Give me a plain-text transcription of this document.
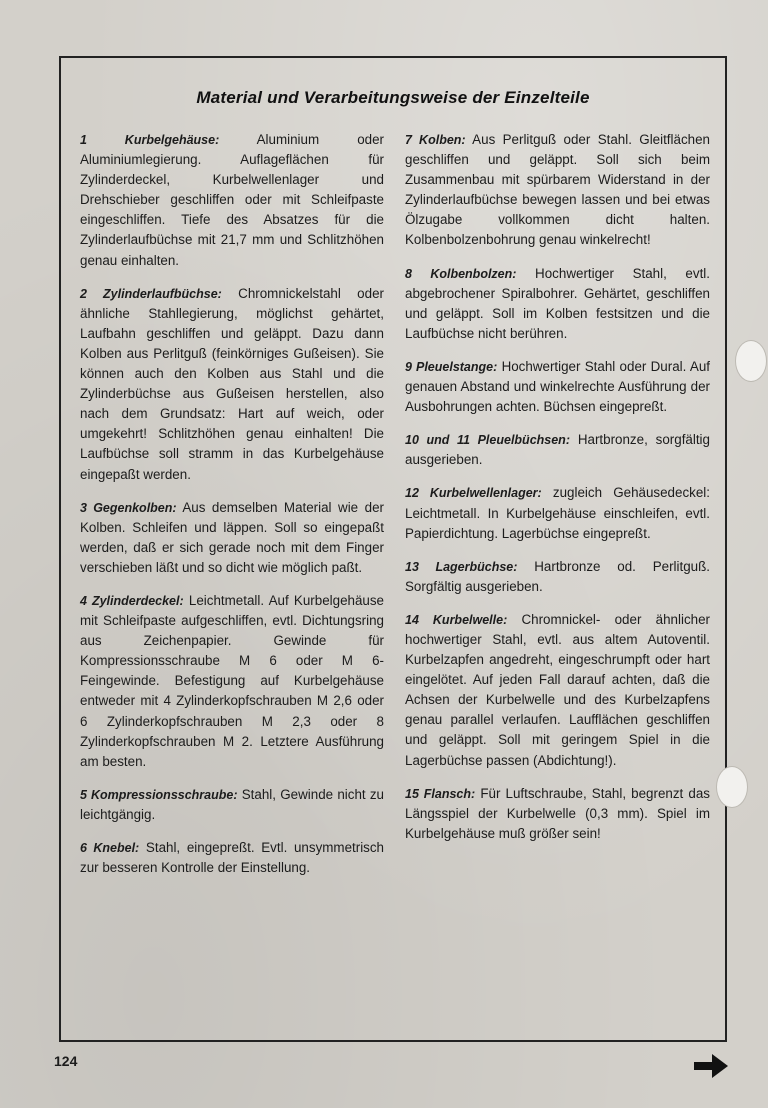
Material und Verarbeitungsweise der Einzelteile

1 Kurbelgehäuse: Aluminium oder Aluminiumlegierung. Auflageflächen für Zylinderdeckel, Kurbelwellenlager und Drehschieber geschliffen oder mit Schleifpaste eingeschliffen. Tiefe des Absatzes für die Zylinderlaufbüchse mit 21,7 mm und Schlitzhöhen genau einhalten.

2 Zylinderlaufbüchse: Chromnickelstahl oder ähnliche Stahllegierung, möglichst gehärtet, Laufbahn geschliffen und geläppt. Dazu dann Kolben aus Perlitguß (feinkörniges Gußeisen). Sie können auch den Kolben aus Stahl und die Zylinderbüchse aus Gußeisen herstellen, also nach dem Grundsatz: Hart auf weich, oder umgekehrt! Schlitzhöhen genau einhalten! Die Laufbüchse soll stramm in das Kurbelgehäuse eingepaßt werden.

3 Gegenkolben: Aus demselben Material wie der Kolben. Schleifen und läppen. Soll so eingepaßt werden, daß er sich gerade noch mit dem Finger verschieben läßt und so dicht wie möglich paßt.

4 Zylinderdeckel: Leichtmetall. Auf Kurbelgehäuse mit Schleifpaste aufgeschliffen, evtl. Dichtungsring aus Zeichenpapier. Gewinde für Kompressionsschraube M 6 oder M 6-Feingewinde. Befestigung auf Kurbelgehäuse entweder mit 4 Zylinderkopfschrauben M 2,6 oder 6 Zylinderkopfschrauben M 2,3 oder 8 Zylinderkopfschrauben M 2. Letztere Ausführung am besten.

5 Kompressionsschraube: Stahl, Gewinde nicht zu leichtgängig.

6 Knebel: Stahl, eingepreßt. Evtl. unsymmetrisch zur besseren Kontrolle der Einstellung.

7 Kolben: Aus Perlitguß oder Stahl. Gleitflächen geschliffen und geläppt. Soll sich beim Zusammenbau mit spürbarem Widerstand in der Zylinderlaufbüchse bewegen lassen und bei etwas Ölzugabe vollkommen dicht halten. Kolbenbolzenbohrung genau winkelrecht!

8 Kolbenbolzen: Hochwertiger Stahl, evtl. abgebrochener Spiralbohrer. Gehärtet, geschliffen und geläppt. Soll im Kolben festsitzen und die Laufbüchse nicht berühren.

9 Pleuelstange: Hochwertiger Stahl oder Dural. Auf genauen Abstand und winkelrechte Ausführung der Ausbohrungen achten. Büchsen eingepreßt.

10 und 11 Pleuelbüchsen: Hartbronze, sorgfältig ausgerieben.

12 Kurbelwellenlager: zugleich Gehäusedeckel: Leichtmetall. In Kurbelgehäuse einschleifen, evtl. Papierdichtung. Lagerbüchse eingepreßt.

13 Lagerbüchse: Hartbronze od. Perlitguß. Sorgfältig ausgerieben.

14 Kurbelwelle: Chromnickel- oder ähnlicher hochwertiger Stahl, evtl. aus altem Autoventil. Kurbelzapfen angedreht, eingeschrumpft oder hart eingelötet. Auf jeden Fall darauf achten, daß die Achsen der Kurbelwelle und des Kurbelzapfens genau parallel verlaufen. Laufflächen geschliffen und geläppt. Soll mit geringem Spiel in die Lagerbüchse passen (Abdichtung!).

15 Flansch: Für Luftschraube, Stahl, begrenzt das Längsspiel der Kurbelwelle (0,3 mm). Spiel im Kurbelgehäuse muß größer sein!

124
